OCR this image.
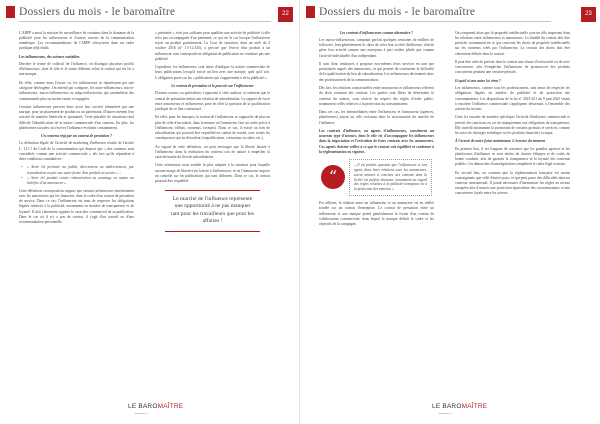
Dossiers du mois - le baromaître	22

L'ARPP a aussi la mission de surveillance de certaines dans le domaine de la publicité pour les influenceurs et d'autres acteurs de la communication numérique. Les recommandations de l'ARPP s'inscrivent dans un cadre juridique déjà établi.

Les influenceurs, des acteurs variables

Derrière le terme de collectif de l'influence, on distingue plusieurs profils d'influenceurs, dont le rôle et le statut diffèrent selon le contrat qui les lie à une marque.

En effet, comme nous l'avons vu, les influenceurs se répartissent par une catégorie hétérogène. On entend par catégorie, les nano-influenceurs, micro-influenceurs, macro-influenceurs ou méga-influenceurs qui rassemblent des communautés plus ou moins vastes et engagées.

Certains influenceurs peuvent donc avoir leur activité rémunérée par une marque, pour un placement de produit ou un partenariat. D'autres mènent leur activité de manière bénévole et spontanée. Cette pluralité de situations rend difficile l'identification de la nature commerciale d'un contenu. En plus, les plateformes sociales où s'exerce l'influence évoluent constamment.

Un contenu régi par un contrat de prestation ?

La définition légale de l'activité de marketing d'influence résulte de l'article L. 121-1 du Code de la consommation qui dispose que « des contenus sont considérés comme une activité commerciale » dès lors qu'ils répondent à deux conditions cumulatives :

• « Avoir été présenté au public, directement ou indirectement, par reproduction ou par une autre forme d'un produit ou service » ;
• « Avoir été produit contre rémunération ou avantage en nature au bénéfice d'un annonceur ».

Cette définition correspond au rapport que certains influenceurs entretiennent avec les annonceurs qui les financent, dans le cadre d'un contrat de prestation de service. Dans ce cas, l'influenceur est tenu de respecter les obligations légales relatives à la publicité, notamment en matière de transparence et de loyauté. Il doit clairement signaler le caractère commercial de sa publication. Dans le cas où il n'y a pas de contrat, il s'agit d'un conseil ou d'une recommandation personnelle.

« présentée » n'est pas suffisant pour qualifier une activité de publicité si elle n'est pas accompagnée d'un paiement, ce qui est le cas lorsque l'influenceur reçoit un produit gratuitement. La Cour de cassation, dans un arrêt du 4 octobre 2016 (n° 15-12.345), a précisé que l'envoi d'un produit à un influenceur sans contrepartie ni obligation de publication ne constitue pas une publicité.

Cependant, les influenceurs sont tenus d'indiquer la nature commerciale de leurs publications lorsqu'il existe un lien avec une marque, quel qu'il soit. L'obligation porte sur les « publications qui s'apparentent à de la publicité ».

Le contrat de prestation et le pouvoir sur l'influenceur

D'autres acteurs ou spécialistes s'opposent à cette analyse, et estiment que le contrat de prestation induit une relation de subordination. Le rapport de force entre annonceurs et influenceurs pose en effet la question de la qualification juridique de ce lien contractuel.

En effet, pour les marques, la notion de l'influenceur se rapproche de plus en plus de celle d'un salarié, dans la mesure où l'annonceur fixe un cadre précis à l'influenceur (délais, contenus, formats). Dans ce cas, il existe un lien de subordination qui pourrait être requalifié en contrat de travail, avec toutes les conséquences qui en découlent (requalification, cotisations sociales, etc.).

Au regard de cette définition, on peut envisager que la liberté laissée à l'influenceur dans la réalisation du contenu soit de nature à empêcher la caractérisation du lien de subordination.

Cette orientation nous semble la plus adaptée à la situation pour laquelle aucune marge de liberté n'est laissée à l'influenceur, et où l'annonceur impose un contrôle sur les publications qui sont diffusées. Dans ce cas, le contrat pourrait être requalifié.

Le marché de l'influence représente une opportunité à ne pas manquer tant pour les travailleurs que pour les affaires !
LE BAROMAÎTRE
baromaitre.fr
Dossiers du mois - le baromaître	23
Les contrats d'influenceurs comme alternative ?

Les macro-influenceurs, comptant parfois quelques centaines de milliers de followers, font généralement le choix de créer leur société d'influence, afin de gérer leur activité comme une entreprise à part entière plutôt que comme l'activité individuelle d'un indépendant.

Il sont donc tendances à proposer eux-mêmes leurs services en tant que prestataires auprès des annonceurs, ce qui permet de contourner la difficulté de la qualification du lien de subordination. Les influenceurs deviennent alors des professionnels de la communication.

Dès lors, les relations contractuelles entre annonceurs et influenceurs relèvent du droit commun des contrats. Les parties sont libres de déterminer le contenu du contrat, sous réserve du respect des règles d'ordre public, notamment celles relatives à la protection du consommateur.

Dans ces cas, les intermédiaires entre l'influenceur et l'annonceur (agences, plateformes) jouent un rôle croissant dans la structuration du marché de l'influence.

Les contrats d'influence, ou agents d'influenceurs, constituent un nouveau type d'acteurs, dont le rôle est d'accompagner les influenceurs dans la négociation et l'exécution de leurs contrats avec les annonceurs. Ces agents doivent veiller à ce que le contrat soit équilibré et conforme à la réglementation en vigueur.

“
« Il est parfois question que l'influenceur et son agent, dans leurs relations avec les annonceurs, soient amenés à conclure des contrats dont la licéité est parfois douteuse, notamment au regard des règles relatives à la publicité trompeuse ou à la protection des mineurs. »

Par ailleurs, la relation entre un influenceur et un annonceur est en réalité fondée sur un contrat d'entreprise. Le contrat de prestation entre un influenceur et une marque prend généralement la forme d'un contrat de collaboration commerciale, dans lequel la marque définit le cadre et les objectifs de la campagne.

On comprend alors que la propriété intellectuelle joue un rôle important dans les relations entre influenceurs et annonceurs. La finalité du contrat doit être précisée, notamment en ce qui concerne les droits de propriété intellectuelle sur les contenus créés par l'influenceur. La cession des droits doit être clairement définie dans le contrat.

Il peut être utile de prévoir dans le contrat une clause d'exclusivité ou de non-concurrence, afin d'empêcher l'influenceur de promouvoir des produits concurrents pendant une certaine période.

Et quid si une autre loi vient ?

Les influenceurs, comme tous les professionnels, sont tenus de respecter les obligations légales en matière de publicité et de protection des consommateurs. Les dispositions de la loi n° 2023-451 du 9 juin 2023 visant à encadrer l'influence commerciale s'appliquent désormais à l'ensemble des acteurs du secteur.

Cette loi encadre de manière spécifique l'activité d'influence commerciale et prévoit des sanctions en cas de manquement aux obligations de transparence. Elle interdit notamment la promotion de certains produits et services, comme les actes de chirurgie esthétique ou les produits financiers à risque.

À l'avenir de notre futur maintenant. L'essence du moment

En premier lieu, il est frappant de constater que les grandes agences et les plateformes d'influence se sont dotées de chartes éthiques et de codes de bonne conduite, afin de garantir la transparence et la loyauté des contenus publiés. Ces démarches d'autorégulation complètent le cadre légal existant.

En second lieu, on constate que la réglementation française est moins contraignante que celle d'autres pays, ce qui peut poser des difficultés dans un contexte international. Il paraît nécessaire d'harmoniser les règles au niveau européen afin d'assurer une protection équivalente des consommateurs et une concurrence loyale entre les acteurs.

LE BAROMAÎTRE
baromaitre.fr
